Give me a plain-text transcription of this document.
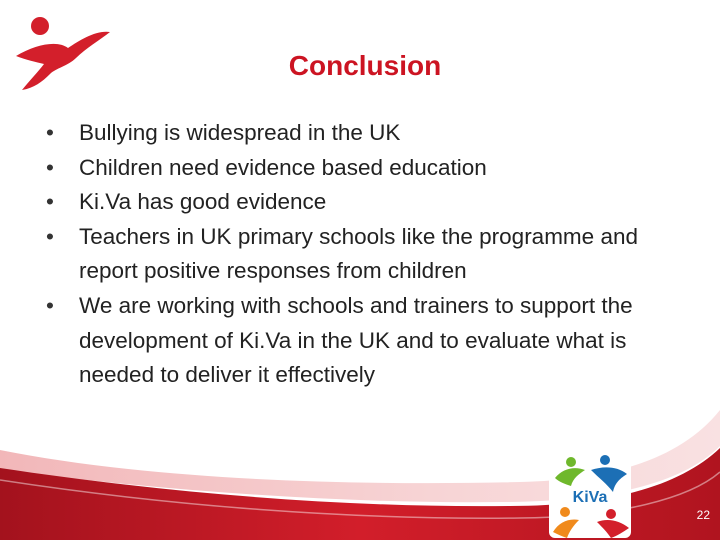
Conclusion
• Bullying is widespread in the UK
• Children need evidence based education
• Ki.Va has good evidence
• Teachers in UK primary schools like the programme and report positive responses from children
• We are working with schools and trainers to support the development of Ki.Va in the UK and to evaluate what is needed to deliver it effectively
KiVa
22
